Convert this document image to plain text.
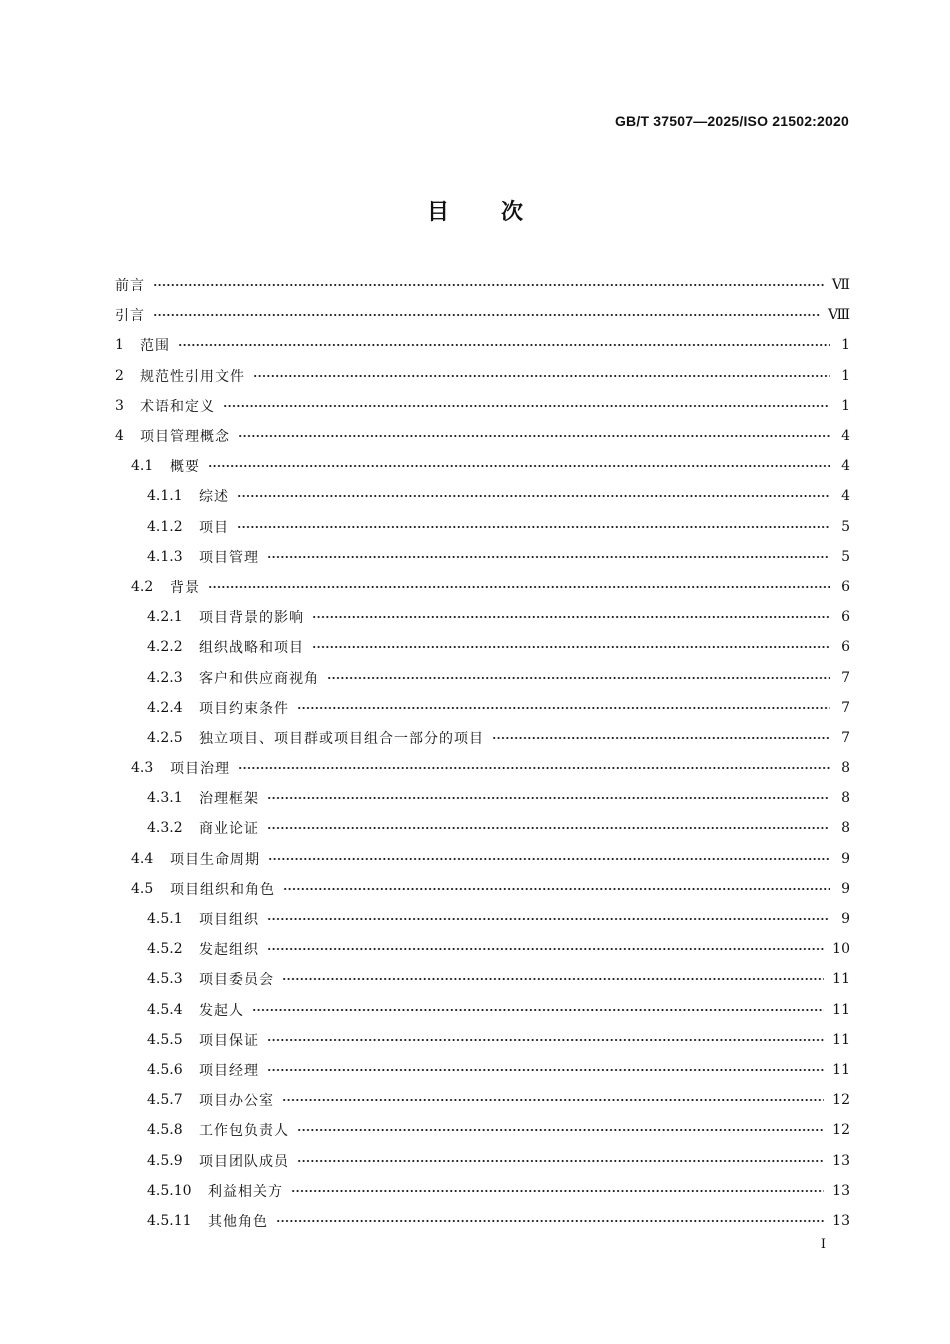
GB/T 37507—2025/ISO 21502:2020
目 次
前言	Ⅶ
引言	Ⅷ
1	范围	1
2	规范性引用文件	1
3	术语和定义	1
4	项目管理概念	4
4.1	概要	4
4.1.1	综述	4
4.1.2	项目	5
4.1.3	项目管理	5
4.2	背景	6
4.2.1	项目背景的影响	6
4.2.2	组织战略和项目	6
4.2.3	客户和供应商视角	7
4.2.4	项目约束条件	7
4.2.5	独立项目、项目群或项目组合一部分的项目	7
4.3	项目治理	8
4.3.1	治理框架	8
4.3.2	商业论证	8
4.4	项目生命周期	9
4.5	项目组织和角色	9
4.5.1	项目组织	9
4.5.2	发起组织	10
4.5.3	项目委员会	11
4.5.4	发起人	11
4.5.5	项目保证	11
4.5.6	项目经理	11
4.5.7	项目办公室	12
4.5.8	工作包负责人	12
4.5.9	项目团队成员	13
4.5.10	利益相关方	13
4.5.11	其他角色	13
I
